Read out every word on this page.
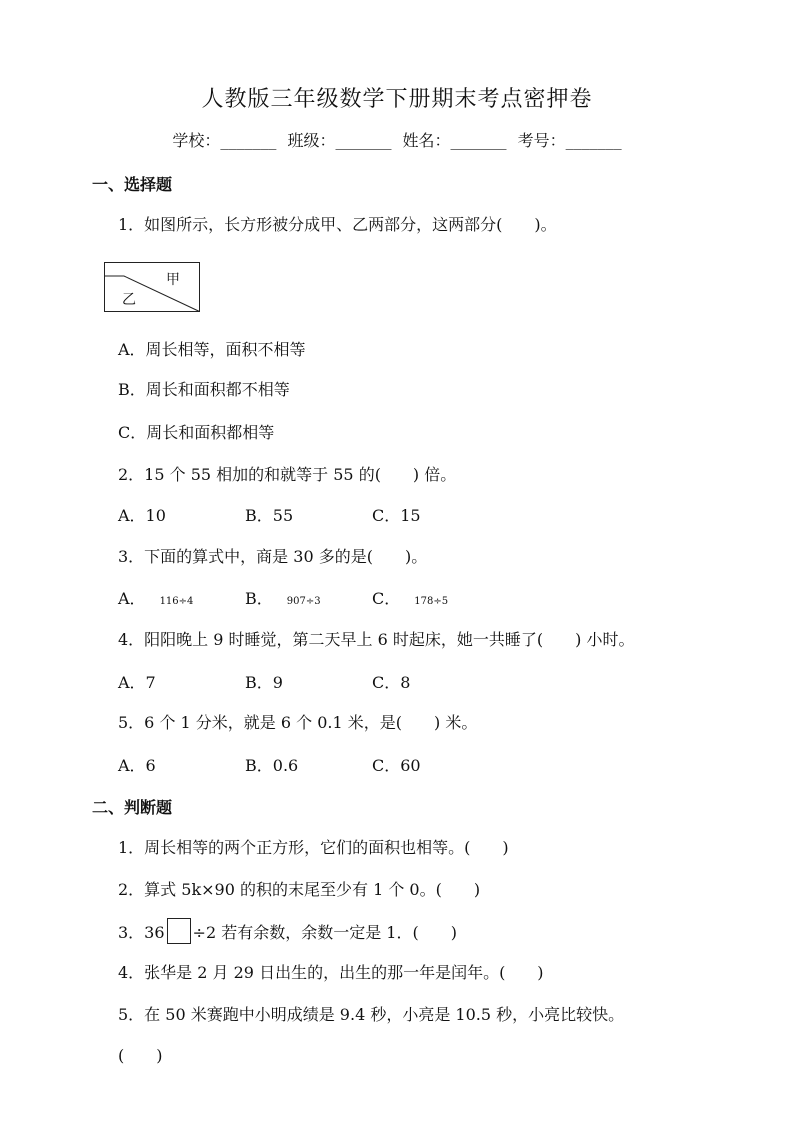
人教版三年级数学下册期末考点密押卷
学校：_______ 班级：_______ 姓名：_______ 考号：_______
一、选择题
1．如图所示，长方形被分成甲、乙两部分，这两部分(　　)。
甲
乙
A．周长相等，面积不相等
B．周长和面积都不相等
C．周长和面积都相等
2．15 个 55 相加的和就等于 55 的(　　) 倍。
A．10	B．55	C．15
3．下面的算式中，商是 30 多的是(　　)。
A． 116÷4	B． 907÷3	C． 178÷5
4．阳阳晚上 9 时睡觉，第二天早上 6 时起床，她一共睡了(　　) 小时。
A．7	B．9	C．8
5．6 个 1 分米，就是 6 个 0.1 米，是(　　) 米。
A．6	B．0.6	C．60
二、判断题
1．周长相等的两个正方形，它们的面积也相等。(　　)
2．算式 5k×90 的积的末尾至少有 1 个 0。(　　)
3．36 ÷2 若有余数，余数一定是 1．(　　)
4．张华是 2 月 29 日出生的，出生的那一年是闰年。(　　)
5．在 50 米赛跑中小明成绩是 9.4 秒，小亮是 10.5 秒，小亮比较快。
(　　)
